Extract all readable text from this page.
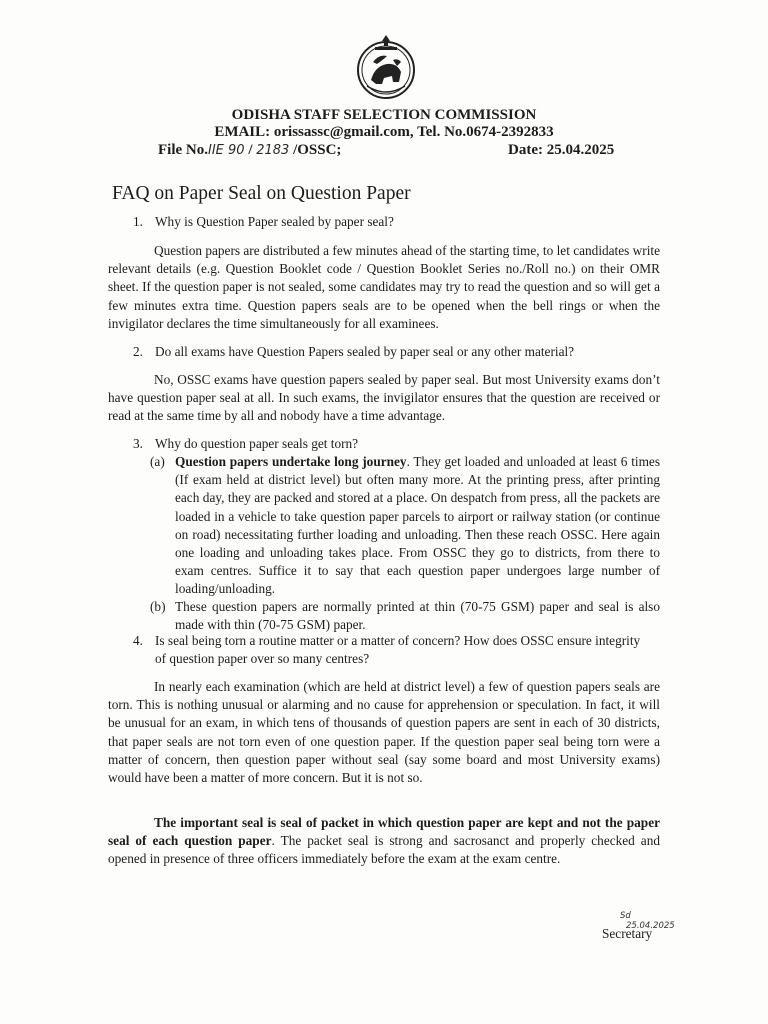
ODISHA STAFF SELECTION COMMISSION
EMAIL: orissassc@gmail.com, Tel. No.0674-2392833
File No.IIE 90 / 2183 /OSSC;	Date: 25.04.2025
FAQ on Paper Seal on Question Paper
1. Why is Question Paper sealed by paper seal?
Question papers are distributed a few minutes ahead of the starting time, to let candidates write relevant details (e.g. Question Booklet code / Question Booklet Series no./Roll no.) on their OMR sheet. If the question paper is not sealed, some candidates may try to read the question and so will get a few minutes extra time. Question papers seals are to be opened when the bell rings or when the invigilator declares the time simultaneously for all examinees.
2. Do all exams have Question Papers sealed by paper seal or any other material?
No, OSSC exams have question papers sealed by paper seal. But most University exams don’t have question paper seal at all. In such exams, the invigilator ensures that the question are received or read at the same time by all and nobody have a time advantage.
3. Why do question paper seals get torn?
(a) Question papers undertake long journey. They get loaded and unloaded at least 6 times (If exam held at district level) but often many more. At the printing press, after printing each day, they are packed and stored at a place. On despatch from press, all the packets are loaded in a vehicle to take question paper parcels to airport or railway station (or continue on road) necessitating further loading and unloading. Then these reach OSSC. Here again one loading and unloading takes place. From OSSC they go to districts, from there to exam centres. Suffice it to say that each question paper undergoes large number of loading/unloading.
(b) These question papers are normally printed at thin (70-75 GSM) paper and seal is also made with thin (70-75 GSM) paper.
4. Is seal being torn a routine matter or a matter of concern? How does OSSC ensure integrity of question paper over so many centres?
In nearly each examination (which are held at district level) a few of question papers seals are torn. This is nothing unusual or alarming and no cause for apprehension or speculation. In fact, it will be unusual for an exam, in which tens of thousands of question papers are sent in each of 30 districts, that paper seals are not torn even of one question paper. If the question paper seal being torn were a matter of concern, then question paper without seal (say some board and most University exams) would have been a matter of more concern. But it is not so.
The important seal is seal of packet in which question paper are kept and not the paper seal of each question paper. The packet seal is strong and sacrosanct and properly checked and opened in presence of three officers immediately before the exam at the exam centre.
Sd
25.04.2025
Secretary
